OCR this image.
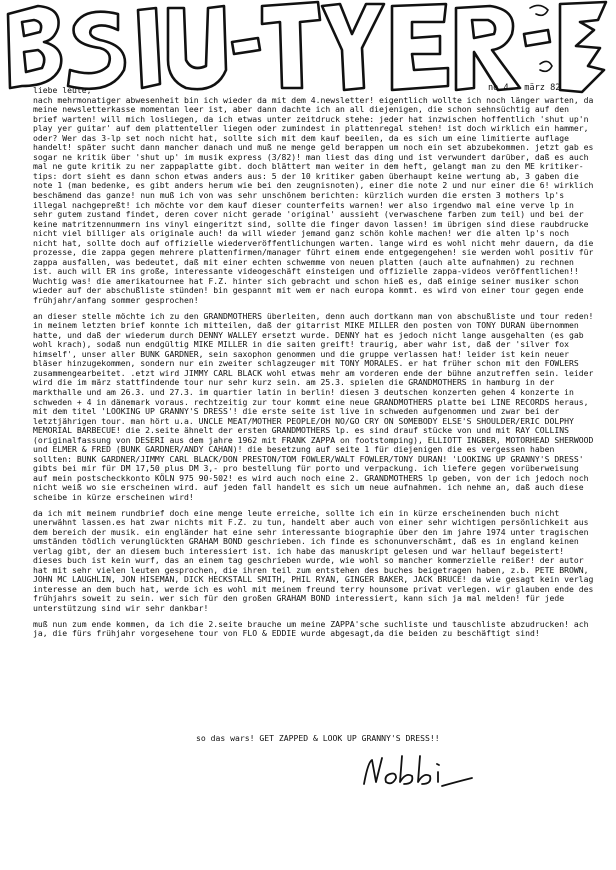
no.4 - märz 82

liebe leute,

nach mehrmonatiger abwesenheit bin ich wieder da mit dem 4.newsletter! eigentlich wollte ich noch länger warten, da meine newsletterkasse momentan leer ist, aber dann dachte ich an all diejenigen, die schon sehnsüchtig auf den brief warten! will mich losliegen, da ich etwas unter zeitdruck stehe: jeder hat inzwischen hoffentlich 'shut up'n play yer guitar' auf dem plattenteller liegen oder zumindest in plattenregal stehen! ist doch wirklich ein hammer, oder? Wer das 3-lp set noch nicht hat, sollte sich mit dem kauf beeilen, da es sich um eine limitierte auflage handelt! später sucht dann mancher danach und muß ne menge geld berappen um noch ein set abzubekommen. jetzt gab es sogar ne kritik über 'shut up' im musik express (3/82)! man liest das ding und ist verwundert darüber, daß es auch mal ne gute kritik zu ner zappaplatte gibt. doch blättert man weiter in dem heft, gelangt man zu den ME kritiker-tips: dort sieht es dann schon etwas anders aus: 5 der 10 kritiker gaben überhaupt keine wertung ab, 3 gaben die note 1 (man bedenke, es gibt anders herum wie bei den zeugnisnoten), einer die note 2 und nur einer die 6! wirklich beschämend das ganze! nun muß ich von was sehr unschönem berichten: kürzlich wurden die ersten 3 mothers lp's illegal nachgepreßt! ich möchte vor dem kauf dieser counterfeits warnen! wer also irgendwo mal eine verve lp in sehr gutem zustand findet, deren cover nicht gerade 'original' aussieht (verwaschene farben zum teil) und bei der keine matritzennummern ins vinyl eingeritzt sind, sollte die finger davon lassen! im übrigen sind diese raubdrucke nicht viel billiger als originale auch! da will wieder jemand ganz schön kohle machen! wer die alten lp's noch nicht hat, sollte doch auf offizielle wiederveröffentlichungen warten. lange wird es wohl nicht mehr dauern, da die prozesse, die zappa gegen mehrere plattenfirmen/manager führt einem ende entgegengehen! sie werden wohl positiv für zappa ausfallen, was bedeutet, daß mit einer echten schwemme von neuen platten (auch alte aufnahmen) zu rechnen ist. auch will ER ins große, interessante videogeschäft einsteigen und offizielle zappa-videos veröffentlichen!! Wuchtig was! die amerikatournee hat F.Z. hinter sich gebracht und schon hieß es, daß einige seiner musiker schon wieder auf der abschußliste stünden! bin gespannt mit wem er nach europa kommt. es wird von einer tour gegen ende frühjahr/anfang sommer gesprochen!

an dieser stelle möchte ich zu den GRANDMOTHERS überleiten, denn auch dortkann man von abschußliste und tour reden! in meinem letzten brief konnte ich mitteilen, daß der gitarrist MIKE MILLER den posten von TONY DURAN übernommen hatte, und daß der wiederum durch DENNY WALLEY ersetzt wurde. DENNY hat es jedoch nicht lange ausgehalten (es gab wohl krach), sodaß nun endgültig MIKE MILLER in die saiten greift! traurig, aber wahr ist, daß der 'silver fox himself', unser aller BUNK GARDNER, sein saxophon genommen und die gruppe verlassen hat! leider ist kein neuer bläser hinzugekommen, sondern nur ein zweiter schlagzeuger mit TONY MORALES. er hat früher schon mit den FOWLERS zusammengearbeitet. .etzt wird JIMMY CARL BLACK wohl etwas mehr am vorderen ende der bühne anzutreffen sein. leider wird die im märz stattfindende tour nur sehr kurz sein. am 25.3. spielen die GRANDMOTHERS in hamburg in der markthalle und am 26.3. und 27.3. im quartier latin in berlin! diesen 3 deutschen konzerten gehen 4 konzerte in schweden + 4 in dänemark voraus. rechtzeitig zur tour kommt eine neue GRANDMOTHERS platte bei LINE RECORDS heraus, mit dem titel 'LOOKING UP GRANNY'S DRESS'! die erste seite ist live in schweden aufgenommen und zwar bei der letztjährigen tour. man hört u.a. UNCLE MEAT/MOTHER PEOPLE/OH NO/GO CRY ON SOMEBODY ELSE'S SHOULDER/ERIC DOLPHY MEMORIAL BARBECUE! die 2.seite ähnelt der ersten GRANDMOTHERS lp. es sind drauf stücke von und mit RAY COLLINS (originalfassung von DESERI aus dem jahre 1962 mit FRANK ZAPPA on footstomping), ELLIOTT INGBER, MOTORHEAD SHERWOOD und ELMER & FRED (BUNK GARDNER/ANDY CAHAN)! die besetzung auf seite 1 für diejenigen die es vergessen haben sollten: BUNK GARDNER/JIMMY CARL BLACK/DON PRESTON/TOM FOWLER/WALT FOWLER/TONY DURAN! 'LOOKING UP GRANNY'S DRESS' gibts bei mir für DM 17,50 plus DM 3,- pro bestellung für porto und verpackung. ich liefere gegen vorüberweisung auf mein postscheckkonto KÖLN 975 90-502! es wird auch noch eine 2. GRANDMOTHERS lp geben, von der ich jedoch noch nicht weiß wo sie erscheinen wird. auf jeden fall handelt es sich um neue aufnahmen. ich nehme an, daß auch diese scheibe in kürze erscheinen wird!

da ich mit meinem rundbrief doch eine menge leute erreiche, sollte ich ein in kürze erscheinenden buch nicht unerwähnt lassen.es hat zwar nichts mit F.Z. zu tun, handelt aber auch von einer sehr wichtigen persönlichkeit aus dem bereich der musik. ein engländer hat eine sehr interessante biographie über den im jahre 1974 unter tragischen umständen tödlich verunglückten GRAHAM BOND geschrieben. ich finde es schonunverschämt, daß es in england keinen verlag gibt, der an diesem buch interessiert ist. ich habe das manuskript gelesen und war hellauf begeistert! dieses buch ist kein wurf, das an einem tag geschrieben wurde, wie wohl so mancher kommerzielle reißer! der autor hat mit sehr vielen leuten gesprochen, die ihren teil zum entstehen des buches beigetragen haben, z.b. PETE BROWN, JOHN MC LAUGHLIN, JON HISEMAN, DICK HECKSTALL SMITH, PHIL RYAN, GINGER BAKER, JACK BRUCE! da wie gesagt kein verlag interesse an dem buch hat, werde ich es wohl mit meinem freund terry hounsome privat verlegen. wir glauben ende des frühjahrs soweit zu sein. wer sich für den großen GRAHAM BOND interessiert, kann sich ja mal melden! für jede unterstützung sind wir sehr dankbar!

muß nun zum ende kommen, da ich die 2.seite brauche um meine ZAPPA'sche suchliste und tauschliste abzudrucken! ach ja, die fürs frühjahr vorgesehene tour von FLO & EDDIE wurde abgesagt,da die beiden zu beschäftigt sind!

so das wars! GET ZAPPED & LOOK UP GRANNY'S DRESS!!
